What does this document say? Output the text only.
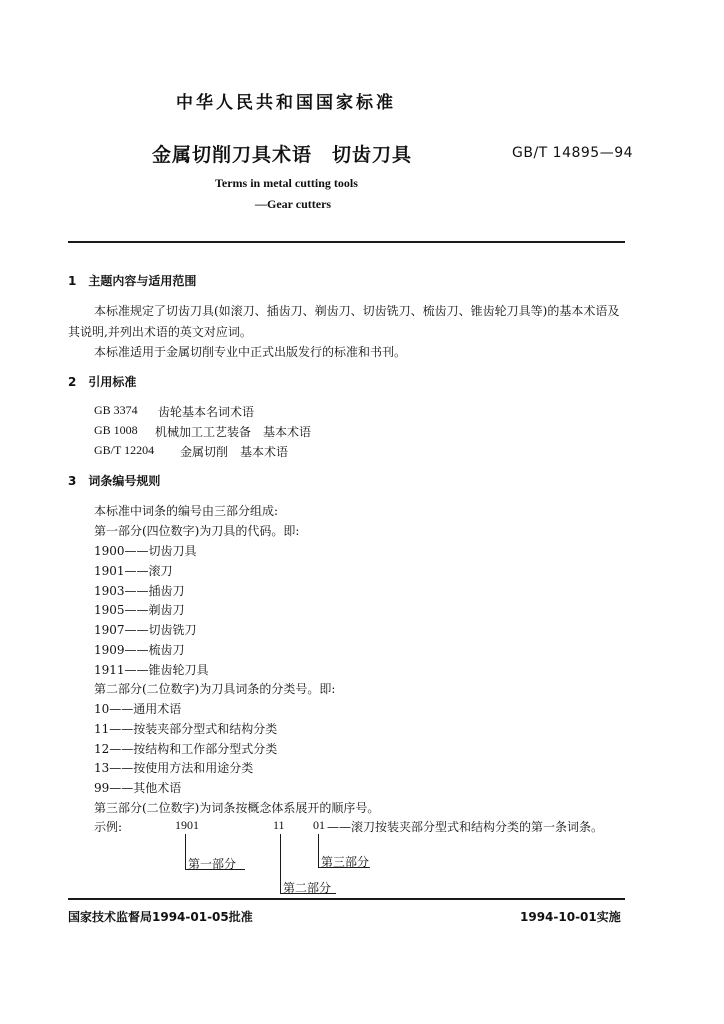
中华人民共和国国家标准
金属切削刀具术语　切齿刀具	GB/T 14895—94
Terms in metal cutting tools
—Gear cutters
1　主题内容与适用范围
本标准规定了切齿刀具(如滚刀、插齿刀、剃齿刀、切齿铣刀、梳齿刀、锥齿轮刀具等)的基本术语及
其说明,并列出术语的英文对应词。
本标准适用于金属切削专业中正式出版发行的标准和书刊。
2　引用标准
GB 3374 齿轮基本名词术语
GB 1008 机械加工工艺装备　基本术语
GB/T 12204 金属切削　基本术语
3　词条编号规则
本标准中词条的编号由三部分组成:
第一部分(四位数字)为刀具的代码。即:
1900——切齿刀具
1901——滚刀
1903——插齿刀
1905——剃齿刀
1907——切齿铣刀
1909——梳齿刀
1911——锥齿轮刀具
第二部分(二位数字)为刀具词条的分类号。即:
10——通用术语
11——按装夹部分型式和结构分类
12——按结构和工作部分型式分类
13——按使用方法和用途分类
99——其他术语
第三部分(二位数字)为词条按概念体系展开的顺序号。
示例:	1901	11 01 ——滚刀按装夹部分型式和结构分类的第一条词条。
第一部分	第三部分
第二部分
国家技术监督局1994-01-05批准	1994-10-01实施
